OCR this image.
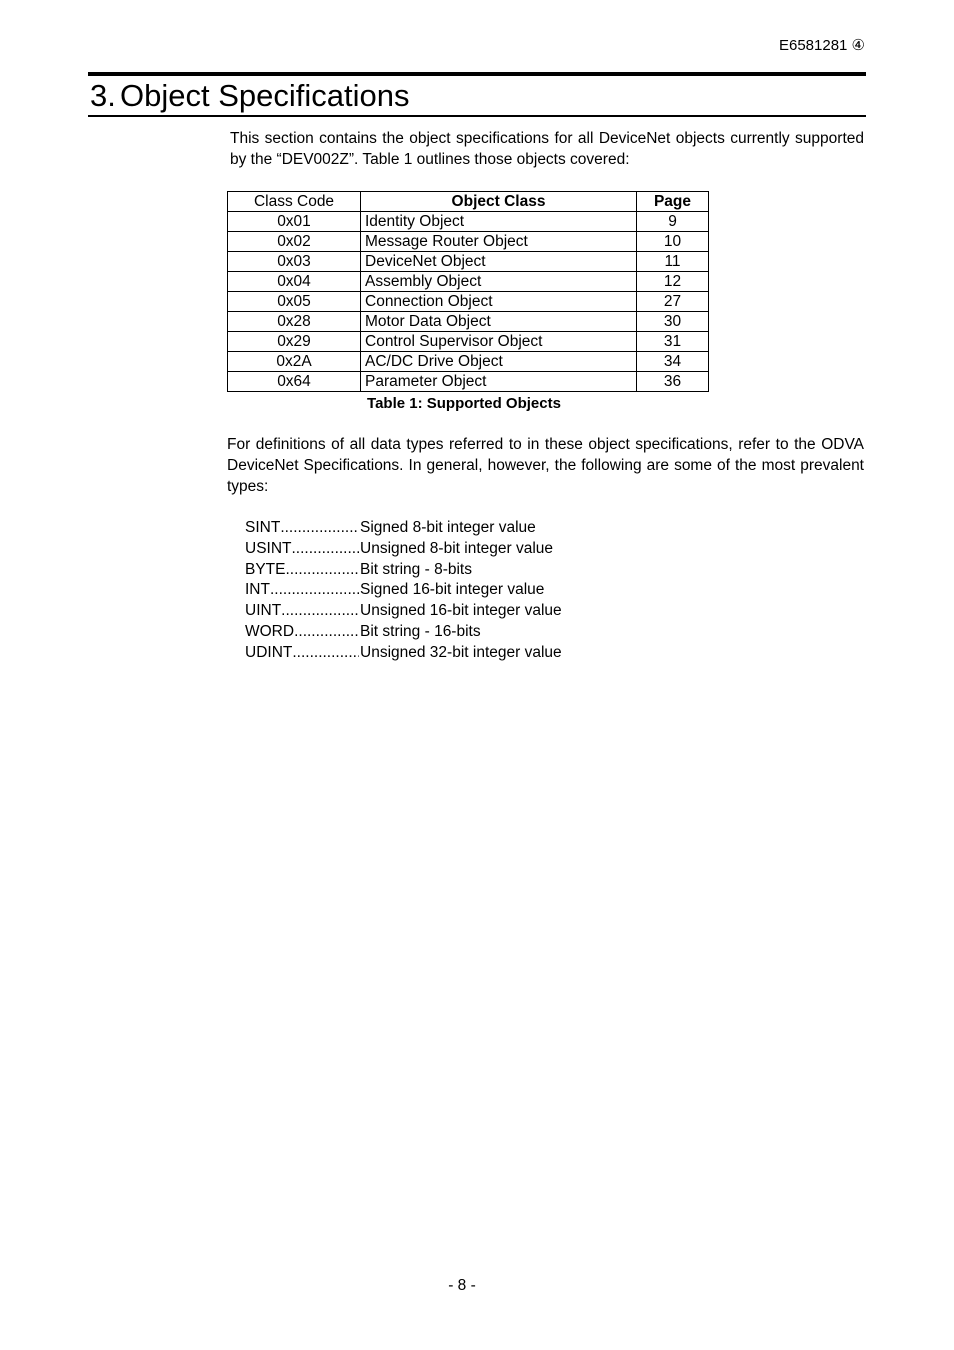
E6581281 ④
3. Object Specifications

This section contains the object specifications for all DeviceNet objects currently supported by the “DEV002Z”. Table 1 outlines those objects covered:

Class Code	Object Class	Page
0x01	Identity Object	9
0x02	Message Router Object	10
0x03	DeviceNet Object	11
0x04	Assembly Object	12
0x05	Connection Object	27
0x28	Motor Data Object	30
0x29	Control Supervisor Object	31
0x2A	AC/DC Drive Object	34
0x64	Parameter Object	36
Table 1: Supported Objects

For definitions of all data types referred to in these object specifications, refer to the ODVA DeviceNet Specifications. In general, however, the following are some of the most prevalent types:

SINT .....	Signed 8-bit integer value
USINT .....	Unsigned 8-bit integer value
BYTE .....	Bit string - 8-bits
INT .....	Signed 16-bit integer value
UINT .....	Unsigned 16-bit integer value
WORD .....	Bit string - 16-bits
UDINT .....	Unsigned 32-bit integer value
- 8 -
